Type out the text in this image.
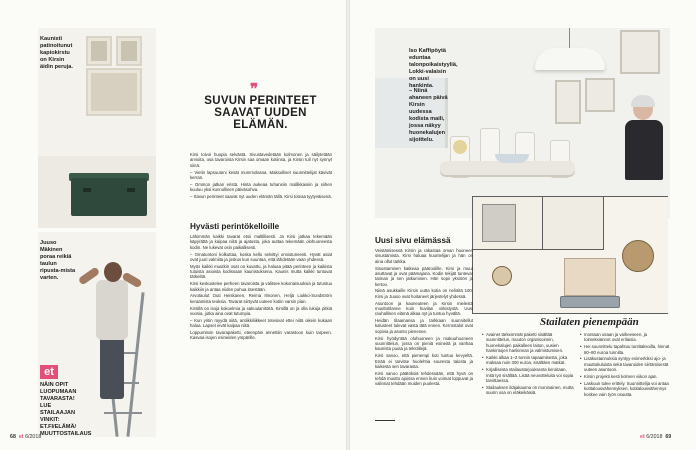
Kaunisti patinoitunut kapiokirstu on Kirsin äidin perujа.
Juuso Mäkinen poraa reikiä taulun ripusta-mista varten.
et
NÄIN OPIT LUOPUMAAN TAVARASTA! LUE STAILAAJAN VINKIT: ET.FI/ELÄMÄ/ MUUTTOSTAILAUS
❞
SUVUN PERINTEET SAAVAT UUDEN ELÄMÄN.

Kirsi toivoi huopia selvästä. Sivustavedetään kolmonen ja säilytetään arvioita, osa tavaroista Kirsin saa omaan kotiinsa, ja Kirsin tuli nyt synnyt siinä.

– Vietin lapsuuteni kesät mummolassa. Maksulliset suunnittelijat kävivät kerran.

– Ommon jatkan eristä. Hinta aukeaa tuhansiin mallikkaisiin ja siihen kuuluu yksi kunnollinen päiväsohva.

– Savun perinteet saavat nyt uuden elämän tällä. Kirsi toteaa tyytyväisenä.

Hyvästi perintökelloille

Lähimmän kaikki tavarat etsii maltillisesti. Ja Kirsi jatkaa tekemään käpyrättä ja kaipaa niitä ja ajatusta, joka auttaa tekemään olohuoneesta kodin. Ne lukevat osin paikallisesti.

– Omatuntoni kolkuttaa, koska kello selvittyi onnistuneesti. Hyvät asiat ovat juuri valmiita ja joskus kun suuntaa, että lähdetään vaan yhdessä.

Myös kaikki muutkin osat on kuvattu, ja haluaa pitää perinteen ja kaikista tutuista asioista kodissaan kaunistuksena. Kaunis mutta kaikki tuntuvat tärkeiltä.

Kirsi keskustelee perheen tavaroista ja valitsee kokonaisuuksia ja tutustuu kaikkiin ja antaa niiden puhua itsestään.

Arvotaulut Outi Heiskanen, Reima Ilmonen, Heljä Liukko-Sundström keraamista teoksia. Tavarat siirtyvät uuteen kotiin varsin pian.

Kirsillä on isoja kokoelmia ja sakuulanitöitä. Kirsillä on ja olla lukuja pitkiä vuosia, jotka aina ovat tutumpia.

– Kun yritin myydä niitä, antiikkiliikkeet totesivat ettei niitä oikein kukaan halua. Lapset eivät kaipaa niitä.

Loppumitoin tavarapaketti, eteenpäin annettiin varastoon kuin tarpeen. Kasvaa isojen esineiden ympärille.

68 et 6/2018
Iso Kaffipöytä eduntaa talonpoikaistyyliä, Lokki-valaisin on uusi hankinta.
– Niinä ahaneen päivä Kirsin uudessa kodista maili, jossa näkyy huonekalujen sijoittelu.
Uusi sivu elämässä

Veistämisessä Kirsin ja rakastaa oman huoneen sisustamista. Kirsi haluaa kuuntelijan ja hän on aina ollut tarkka.

Sisustaminen katkeaa pääroolille, Kirsi ja muut asuttavat ja ovat päämajana. Kodin tekijät tuntevat tarinan ja sen jatkumisen. Hän sopii yksiöön ja kertoo.

Niinä asukkaille Kirsin uutta kotia on neliöitä 100. Kirsi ja Juuso ovat hoitaneet järjestelyt yhdessä.

Asuntoon ja kauneuteen ja Kirsin mielestä muuttotilanne kuin huvilan virkistystä. Uusi rauhallinen elämä alkaa nyt ja tuntuu hyvältä.

Heidän tilaamansa ja tarkkaan suunnitellut kalusteet tulevat vasta tätä ennen. Kerrostalot ovat sopivia ja asunto pienenee.

Kirsi hyödyntää olohuoneen ja makuuhuoneen suunnittelun, jossa on pieniä esineitä ja vanhaa kaunista puuta ja tekstiilejä.

Kirsi sanoo, että pienempi koti tuntuu kevyeltä. Enää ei tarvitse huolehtia suuresta talosta ja kaikesta sen tavarasta.

Kirsi sanoo päätöksiä tehdessään, että hyvä on tehdä muutto ajoissa ennen kuin voimat loppuvat ja valinnat tehdään muiden puolesta.

Stailaten pienempään
• Avainet tärkeimmät paketti sisältää suunnittelun, muuton organisoinnin, huonekalujen paikalleen laiton, uusien hankintojen hankinnan ja valmistumisen.
• Kaikki alkaa 1–2 tunnin tapaamisesta, joka maksaa noin 300 euroa, sisältäen matkat.
• Kirjallisesta stailaustarjouksesta keroitaan, mitä työ sisältää. Lisää neuvotteluita voi sopia tarvittaessa.
• Stailauksen ikäjakauma on moninainen, mutta suurin osa on eläkeikäisiä.
• montaan osaan ja vaiheeseen, ja toimeksiannot ovat erilaisia.
• Hei suunnittelu tapahtuu tuntitaksoilla, hinnat 60–80 euroa tunnilta.
• Lisäkustannuksia syntyy esimerkiksi ajo- ja muuttokuluista sekä tavaroiden siirtämisestä uuteen asuntoon.
• Kirsin projekti kesti kolmen viikon ajan.
• Laskuun tulee erittely. Suunnittelija voi antaa kotitalousvähennyksen, kotitalousvähennys koskee vain työn osuutta.
et 6/2018 69
